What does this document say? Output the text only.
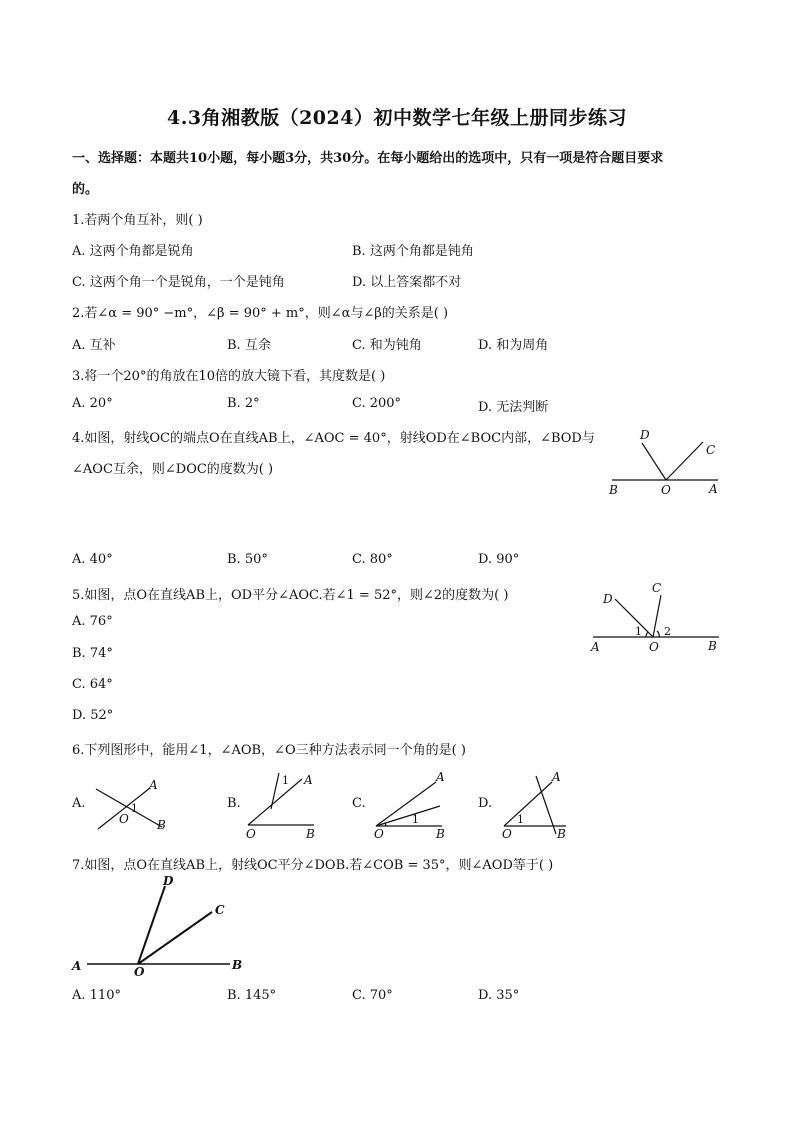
4.3角湘教版（2024）初中数学七年级上册同步练习
一、选择题：本题共10小题，每小题3分，共30分。在每小题给出的选项中，只有一项是符合题目要求
的。
1.若两个角互补，则( )
A. 这两个角都是锐角	B. 这两个角都是钝角
C. 这两个角一个是锐角，一个是钝角	D. 以上答案都不对
2.若∠α = 90° −m°，∠β = 90° + m°，则∠α与∠β的关系是( )
A. 互补	B. 互余	C. 和为钝角	D. 和为周角
3.将一个20°的角放在10倍的放大镜下看，其度数是( )
A. 20°	B. 2°	C. 200°	D. 无法判断
4.如图，射线OC的端点O在直线AB上，∠AOC = 40°，射线OD在∠BOC内部，∠BOD与
∠AOC互余，则∠DOC的度数为( )
D
C
B	O	A
A. 40°	B. 50°	C. 80°	D. 90°
5.如图，点O在直线AB上，OD平分∠AOC.若∠1 = 52°，则∠2的度数为( )	C
D
1 2
A	O	B
A. 76°
B. 74°
C. 64°
D. 52°
6.下列图形中，能用∠1，∠AOB，∠O三种方法表示同一个角的是( )
A.
A
O
1
B
B.
A
1
O	B
C.
A
1
O	B
D.
A
1
O	B
7.如图，点O在直线AB上，射线OC平分∠DOB.若∠COB = 35°，则∠AOD等于( )
D
C
A	O	B
A. 110°	B. 145°	C. 70°	D. 35°
